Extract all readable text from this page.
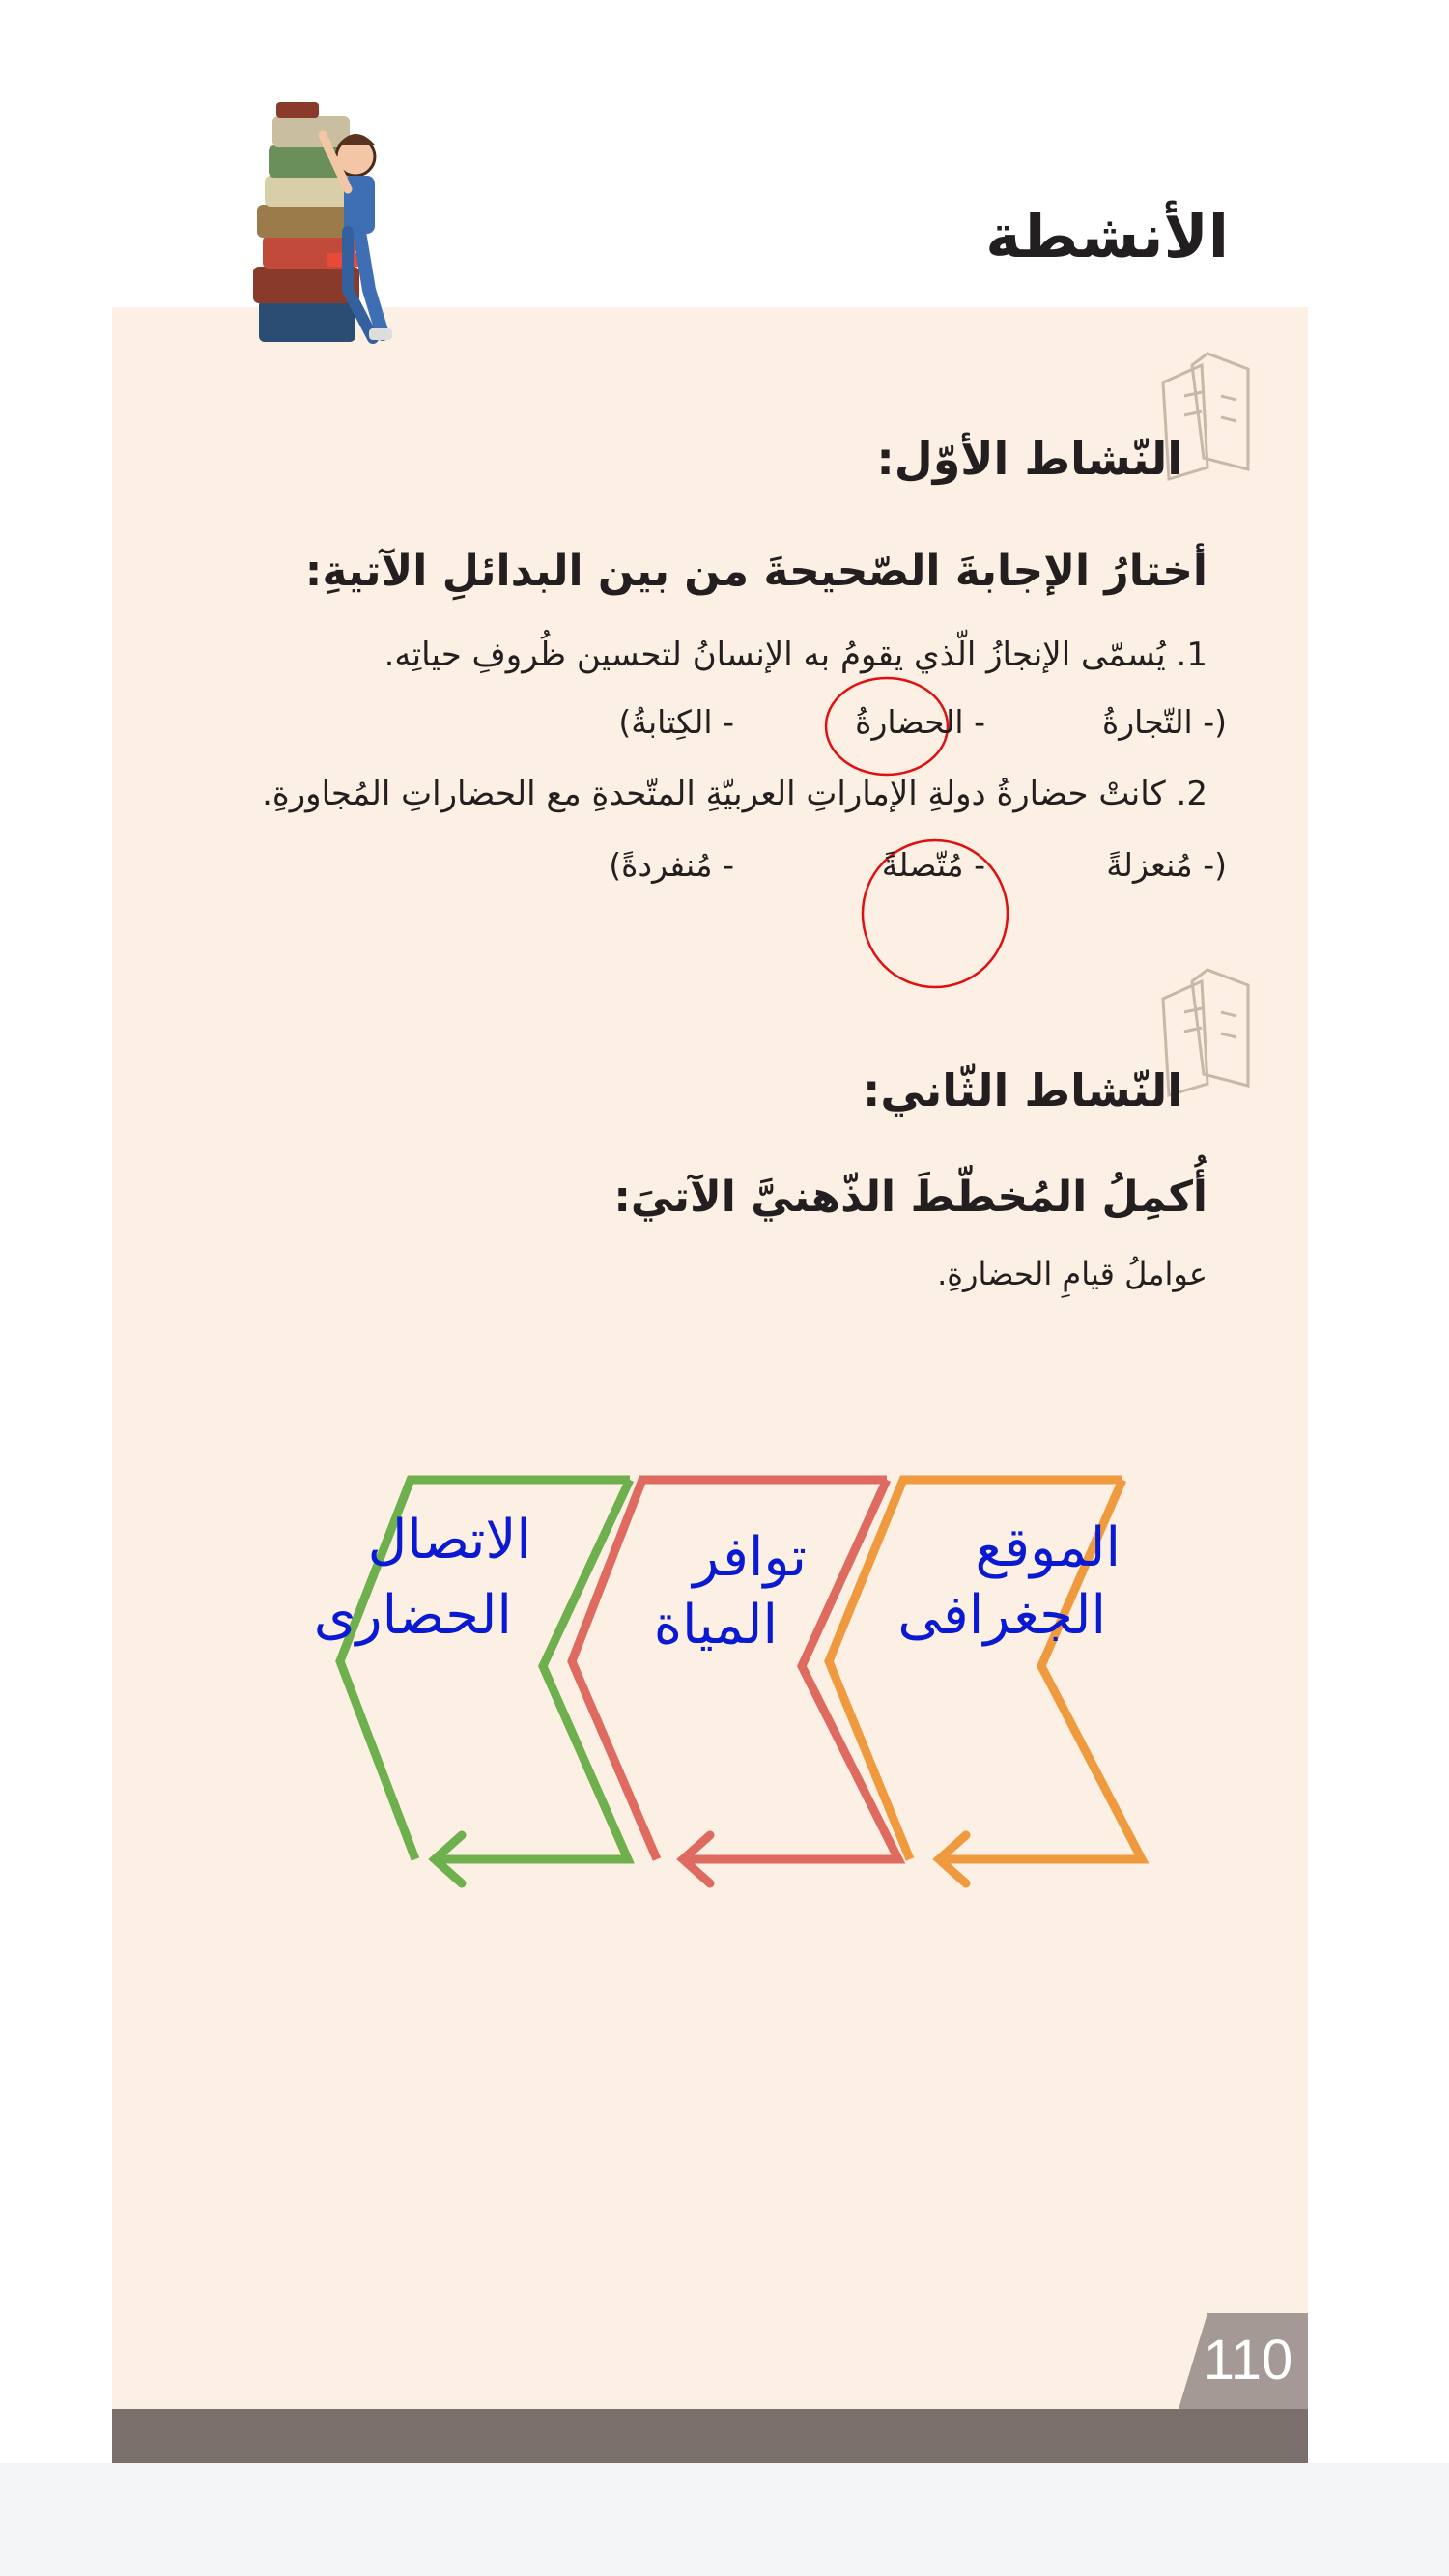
110
الأنشطة
النّشاط الأوّل:
أختارُ الإجابةَ الصّحيحةَ من بين البدائلِ الآتيةِ:
1. يُسمّى الإنجازُ الّذي يقومُ به الإنسانُ لتحسين ظُروفِ حياتِه.
(- التّجارةُ
- الحضارةُ
- الكِتابةُ)
2. كانتْ حضارةُ دولةِ الإماراتِ العربيّةِ المتّحدةِ مع الحضاراتِ المُجاورةِ.
(- مُنعزلةً
- مُتّصلةً
- مُنفردةً)
النّشاط الثّاني:
أُكمِلُ المُخطّطَ الذّهنيَّ الآتيَ:
عواملُ قيامِ الحضارةِ.
الموقع
الجغرافى
توافر
المياة
الاتصال
الحضارى
